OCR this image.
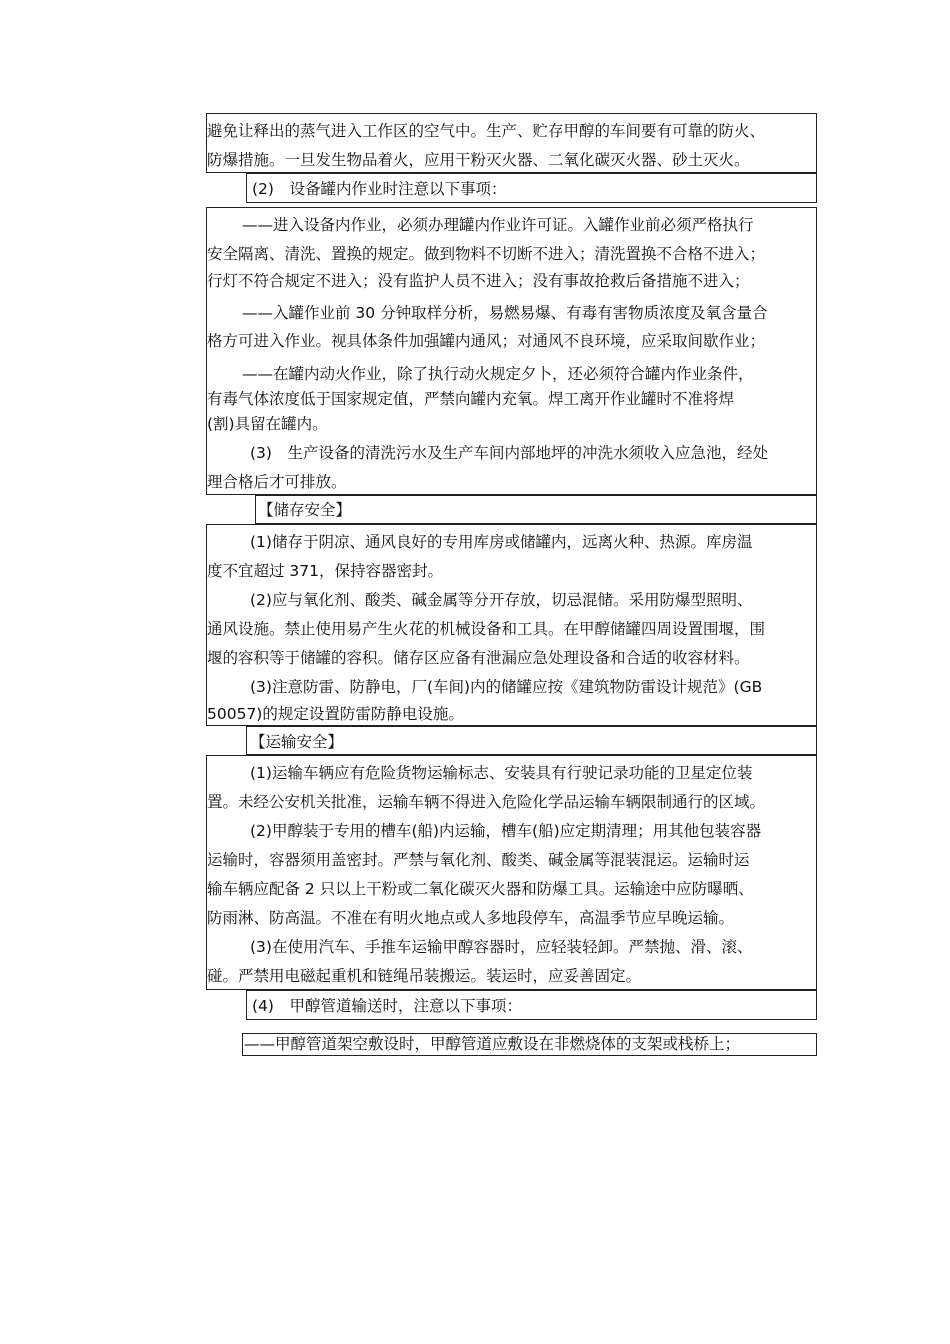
避免让释出的蒸气进入工作区的空气中。生产、贮存甲醇的车间要有可靠的防火、
防爆措施。一旦发生物品着火，应用干粉灭火器、二氧化碳灭火器、砂土灭火。
(2)　设备罐内作业时注意以下事项：
——进入设备内作业，必须办理罐内作业许可证。入罐作业前必须严格执行
安全隔离、清洗、置换的规定。做到物料不切断不进入；清洗置换不合格不进入；
行灯不符合规定不进入；没有监护人员不进入；没有事故抢救后备措施不进入；
——入罐作业前 30 分钟取样分析，易燃易爆、有毒有害物质浓度及氧含量合
格方可进入作业。视具体条件加强罐内通风；对通风不良环境，应采取间歇作业；
——在罐内动火作业，除了执行动火规定夕卜，还必须符合罐内作业条件，
有毒气体浓度低于国家规定值，严禁向罐内充氧。焊工离开作业罐时不准将焊
(割)具留在罐内。
(3)　生产设备的清洗污水及生产车间内部地坪的冲洗水须收入应急池，经处
理合格后才可排放。
【储存安全】
(1)储存于阴凉、通风良好的专用库房或储罐内，远离火种、热源。库房温
度不宜超过 371，保持容器密封。
(2)应与氧化剂、酸类、碱金属等分开存放，切忌混储。采用防爆型照明、
通风设施。禁止使用易产生火花的机械设备和工具。在甲醇储罐四周设置围堰，围
堰的容积等于储罐的容积。储存区应备有泄漏应急处理设备和合适的收容材料。
(3)注意防雷、防静电，厂(车间)内的储罐应按《建筑物防雷设计规范》(GB
50057)的规定设置防雷防静电设施。
【运输安全】
(1)运输车辆应有危险货物运输标志、安装具有行驶记录功能的卫星定位装
置。未经公安机关批准，运输车辆不得进入危险化学品运输车辆限制通行的区域。
(2)甲醇装于专用的槽车(船)内运输，槽车(船)应定期清理；用其他包装容器
运输时，容器须用盖密封。严禁与氧化剂、酸类、碱金属等混装混运。运输时运
输车辆应配备 2 只以上干粉或二氧化碳灭火器和防爆工具。运输途中应防曝晒、
防雨淋、防高温。不准在有明火地点或人多地段停车，高温季节应早晚运输。
(3)在使用汽车、手推车运输甲醇容器时，应轻装轻卸。严禁抛、滑、滚、
碰。严禁用电磁起重机和链绳吊装搬运。装运时，应妥善固定。
(4)　甲醇管道输送时，注意以下事项：
——甲醇管道架空敷设时，甲醇管道应敷设在非燃烧体的支架或栈桥上；
